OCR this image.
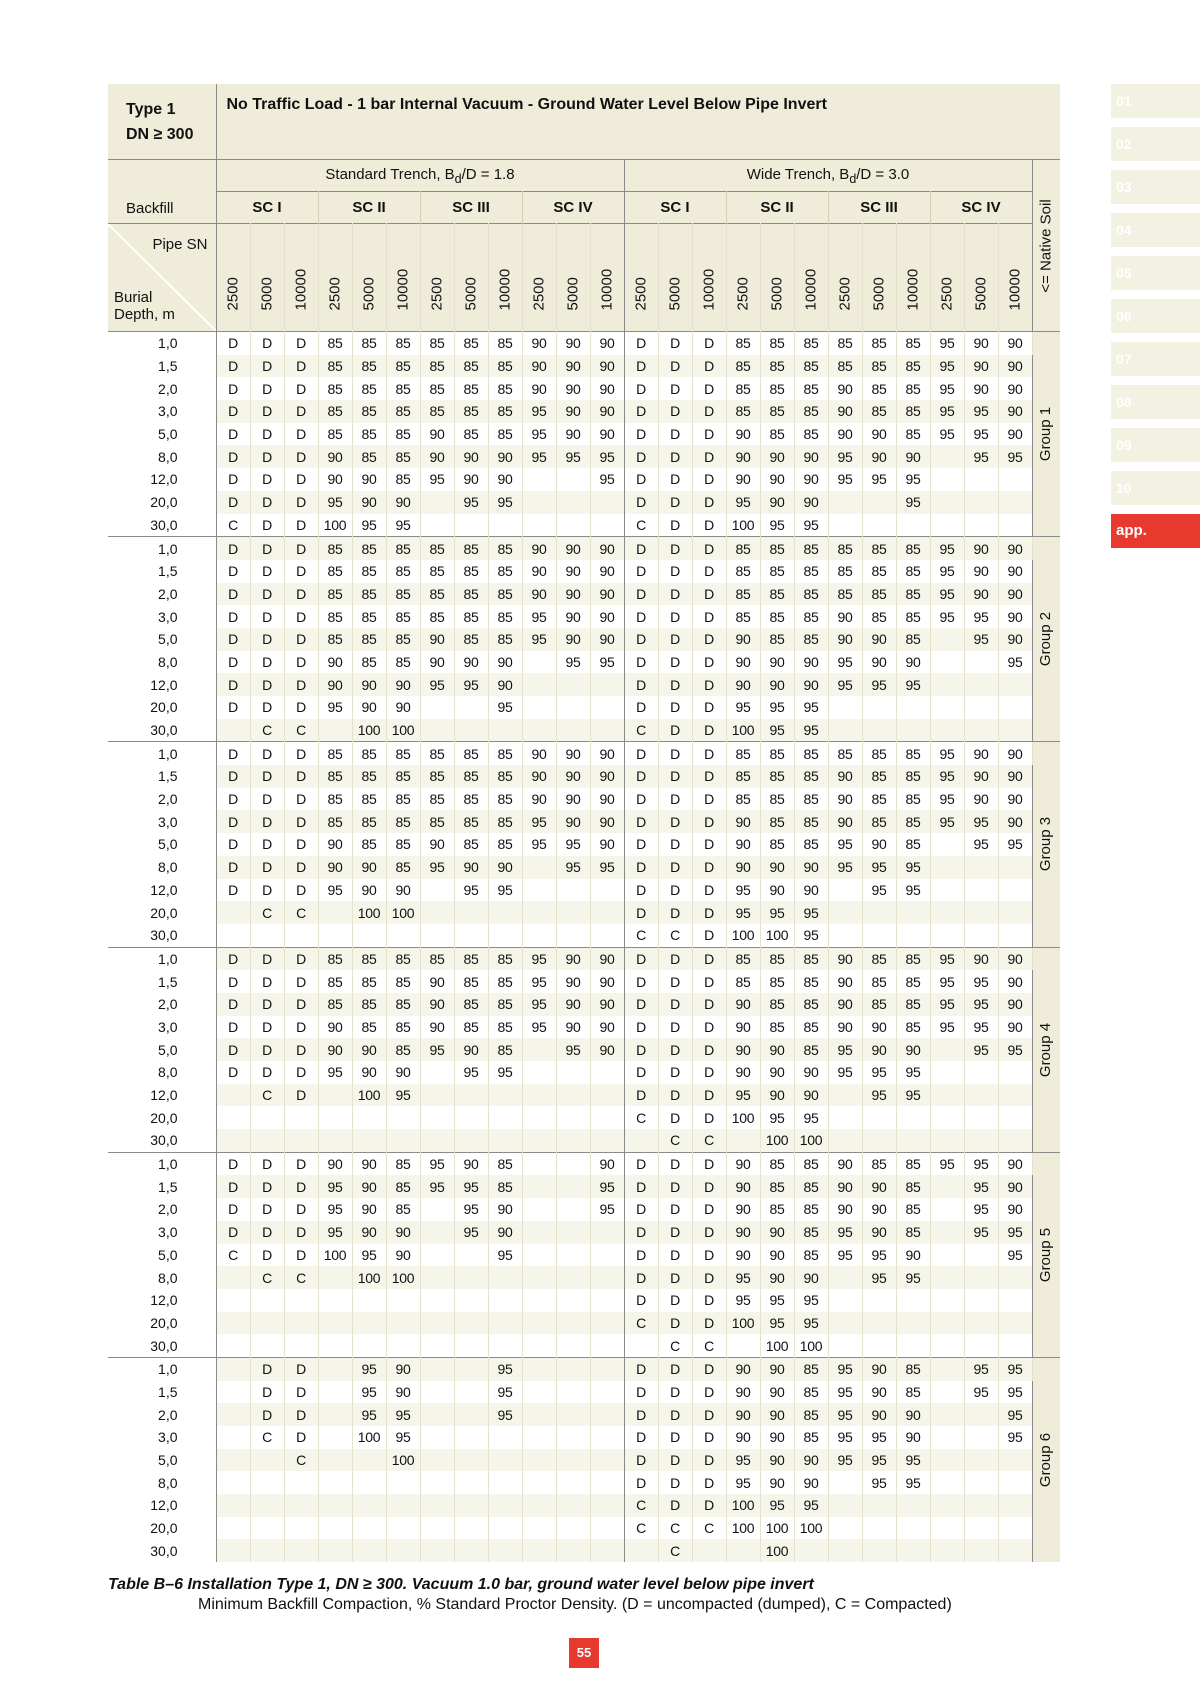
01
02
03
04
05
06
07
08
09
10
app.
Type 1
DN ≥ 300	No Traffic Load - 1 bar Internal Vacuum - Ground Water Level Below Pipe Invert																								
Backfill	Standard Trench, $B_d/D = 1.8$												Wide Trench, $B_d/D = 3.0$												<= Native Soil

	SC I			SC II			SC III			SC IV			SC I			SC II			SC III			SC IV			

Pipe SN
Burial
Depth, m	2500	5000	10000	2500	5000	10000	2500	5000	10000	2500	5000	10000	2500	5000	10000	2500	5000	10000	2500	5000	10000	2500	5000	10000	

1,0	D	D	D	85	85	85	85	85	85	90	90	90	D	D	D	85	85	85	85	85	85	95	90	90	Group 1

1,5	D	D	D	85	85	85	85	85	85	90	90	90	D	D	D	85	85	85	85	85	85	95	90	90	
2,0	D	D	D	85	85	85	85	85	85	90	90	90	D	D	D	85	85	85	90	85	85	95	90	90	
3,0	D	D	D	85	85	85	85	85	85	95	90	90	D	D	D	85	85	85	90	85	85	95	95	90	
5,0	D	D	D	85	85	85	90	85	85	95	90	90	D	D	D	90	85	85	90	90	85	95	95	90	
8,0	D	D	D	90	85	85	90	90	90	95	95	95	D	D	D	90	90	90	95	90	90		95	95	
12,0	D	D	D	90	90	85	95	90	90			95	D	D	D	90	90	90	95	95	95				
20,0	D	D	D	95	90	90		95	95				D	D	D	95	90	90			95				
30,0	C	D	D	100	95	95							C	D	D	100	95	95							
1,0	D	D	D	85	85	85	85	85	85	90	90	90	D	D	D	85	85	85	85	85	85	95	90	90	Group 2

1,5	D	D	D	85	85	85	85	85	85	90	90	90	D	D	D	85	85	85	85	85	85	95	90	90	
2,0	D	D	D	85	85	85	85	85	85	90	90	90	D	D	D	85	85	85	85	85	85	95	90	90	
3,0	D	D	D	85	85	85	85	85	85	95	90	90	D	D	D	85	85	85	90	85	85	95	95	90	
5,0	D	D	D	85	85	85	90	85	85	95	90	90	D	D	D	90	85	85	90	90	85		95	90	
8,0	D	D	D	90	85	85	90	90	90		95	95	D	D	D	90	90	90	95	90	90			95	
12,0	D	D	D	90	90	90	95	95	90				D	D	D	90	90	90	95	95	95				
20,0	D	D	D	95	90	90			95				D	D	D	95	95	95							
30,0		C	C		100	100							C	D	D	100	95	95							
1,0	D	D	D	85	85	85	85	85	85	90	90	90	D	D	D	85	85	85	85	85	85	95	90	90	Group 3

1,5	D	D	D	85	85	85	85	85	85	90	90	90	D	D	D	85	85	85	90	85	85	95	90	90	
2,0	D	D	D	85	85	85	85	85	85	90	90	90	D	D	D	85	85	85	90	85	85	95	90	90	
3,0	D	D	D	85	85	85	85	85	85	95	90	90	D	D	D	90	85	85	90	85	85	95	95	90	
5,0	D	D	D	90	85	85	90	85	85	95	95	90	D	D	D	90	85	85	95	90	85		95	95	
8,0	D	D	D	90	90	85	95	90	90		95	95	D	D	D	90	90	90	95	95	95				
12,0	D	D	D	95	90	90		95	95				D	D	D	95	90	90		95	95				
20,0		C	C		100	100							D	D	D	95	95	95							
30,0													C	C	D	100	100	95							
1,0	D	D	D	85	85	85	85	85	85	95	90	90	D	D	D	85	85	85	90	85	85	95	90	90	Group 4

1,5	D	D	D	85	85	85	90	85	85	95	90	90	D	D	D	85	85	85	90	85	85	95	95	90	
2,0	D	D	D	85	85	85	90	85	85	95	90	90	D	D	D	90	85	85	90	85	85	95	95	90	
3,0	D	D	D	90	85	85	90	85	85	95	90	90	D	D	D	90	85	85	90	90	85	95	95	90	
5,0	D	D	D	90	90	85	95	90	85		95	90	D	D	D	90	90	85	95	90	90		95	95	
8,0	D	D	D	95	90	90		95	95				D	D	D	90	90	90	95	95	95				
12,0		C	D		100	95							D	D	D	95	90	90		95	95				
20,0													C	D	D	100	95	95							
30,0														C	C		100	100							
1,0	D	D	D	90	90	85	95	90	85			90	D	D	D	90	85	85	90	85	85	95	95	90	Group 5

1,5	D	D	D	95	90	85	95	95	85			95	D	D	D	90	85	85	90	90	85		95	90	
2,0	D	D	D	95	90	85		95	90			95	D	D	D	90	85	85	90	90	85		95	90	
3,0	D	D	D	95	90	90		95	90				D	D	D	90	90	85	95	90	85		95	95	
5,0	C	D	D	100	95	90			95				D	D	D	90	90	85	95	95	90			95	
8,0		C	C		100	100							D	D	D	95	90	90		95	95				
12,0													D	D	D	95	95	95							
20,0													C	D	D	100	95	95							
30,0														C	C		100	100							
1,0		D	D		95	90			95				D	D	D	90	90	85	95	90	85		95	95	Group 6

1,5		D	D		95	90			95				D	D	D	90	90	85	95	90	85		95	95	
2,0		D	D		95	95			95				D	D	D	90	90	85	95	90	90			95	
3,0		C	D		100	95							D	D	D	90	90	85	95	95	90			95	
5,0			C			100							D	D	D	95	90	90	95	95	95				
8,0													D	D	D	95	90	90		95	95				
12,0													C	D	D	100	95	95							
20,0													C	C	C	100	100	100							
30,0														C			100								
Table B–6 Installation Type 1, DN ≥ 300. Vacuum 1.0 bar, ground water level below pipe invert
Minimum Backfill Compaction, % Standard Proctor Density. (D = uncompacted (dumped), C = Compacted)
55
